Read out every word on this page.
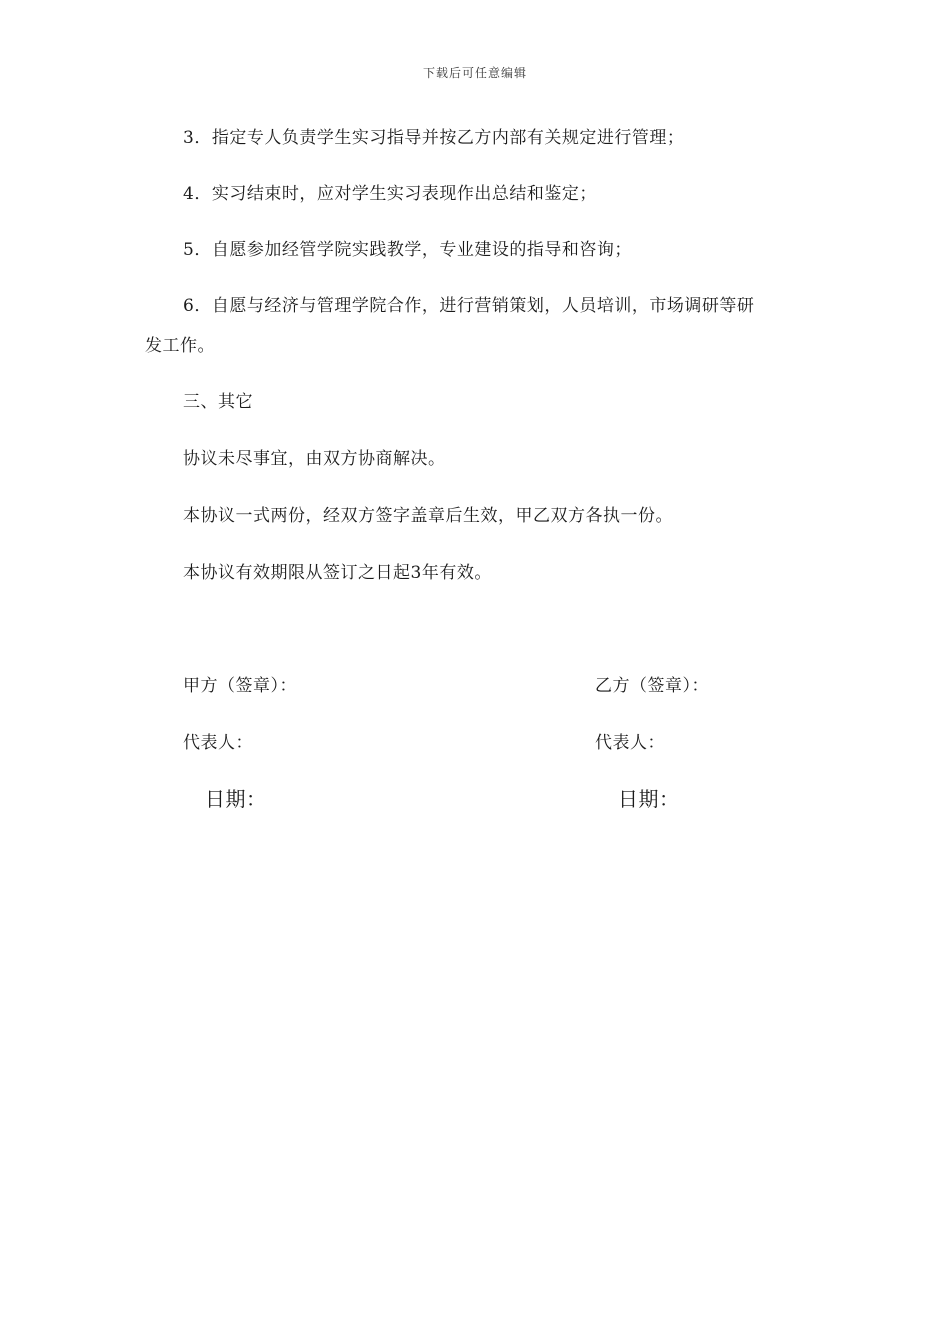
下载后可任意编辑

3．指定专人负责学生实习指导并按乙方内部有关规定进行管理；

4．实习结束时，应对学生实习表现作出总结和鉴定；

5．自愿参加经管学院实践教学，专业建设的指导和咨询；

6．自愿与经济与管理学院合作，进行营销策划，人员培训，市场调研等研
发工作。

三、其它

协议未尽事宜，由双方协商解决。

本协议一式两份，经双方签字盖章后生效，甲乙双方各执一份。

本协议有效期限从签订之日起3年有效。

甲方（签章）：	乙方（签章）：
代表人：	代表人：
日期：	日期：
